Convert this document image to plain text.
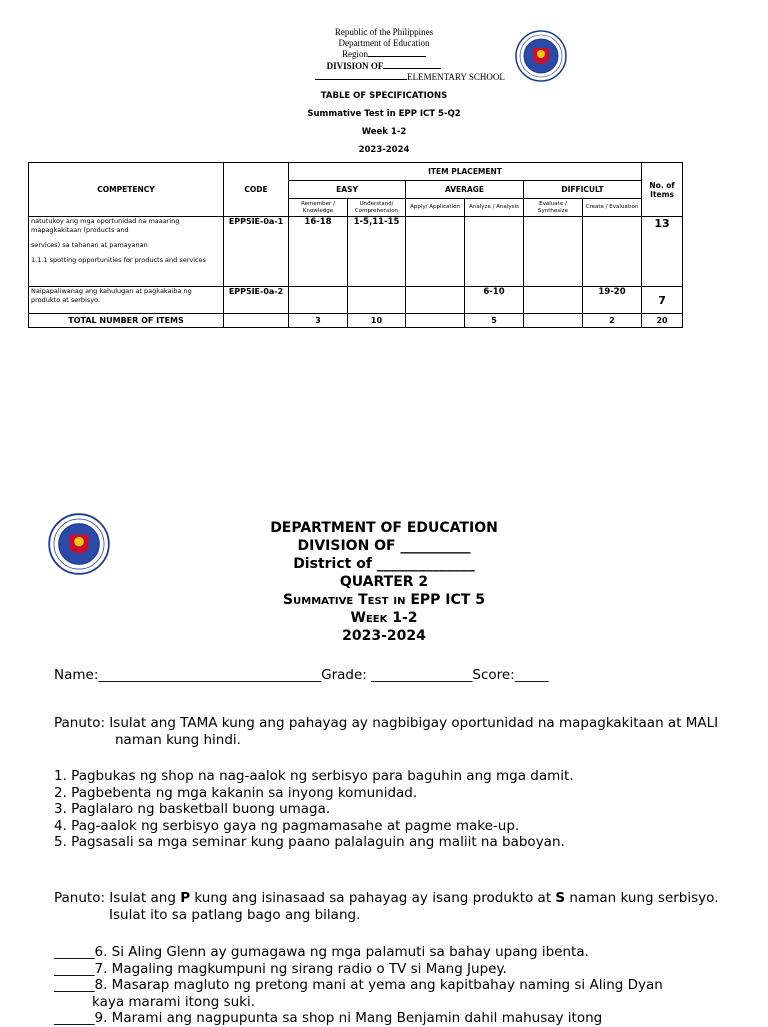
Republic of the Philippines
Department of Education
Region
DIVISION OF
ELEMENTARY SCHOOL
TABLE OF SPECIFICATIONS
Summative Test in EPP ICT 5-Q2
Week 1-2
2023-2024
COMPETENCY	CODE	ITEM PLACEMENT						No. of Items
		EASY		AVERAGE		DIFFICULT		
		Remember / Knowledge	Understand/ Comprehension	Apply/ Application	Analyze / Analysis	Evaluate / Synthesize	Create / Evaluation	

natutukoy ang mga oportunidad na maaaring mapagkakitaan (products and
services) sa tahanan at pamayanan
1.1.1 spotting opportunities for products and services	EPP5IE-0a-1	16-18	1-5,11-15					13
Naipapaliwanag ang kahulugan at pagkakaiba ng produkto at serbisyo.	EPP5IE-0a-2				6-10		19-20	7
TOTAL NUMBER OF ITEMS		3	10		5		2	20
DEPARTMENT OF EDUCATION
DIVISION OF __________
District of ______________
QUARTER 2
Summative Test in EPP ICT 5
Week 1-2
2023-2024
Name:_________________________________Grade: _______________Score:_____
Panuto: Isulat ang TAMA kung ang pahayag ay nagbibigay oportunidad na mapagkakitaan at MALI
naman kung hindi.
1. Pagbukas ng shop na nag-aalok ng serbisyo para baguhin ang mga damit.
2. Pagbebenta ng mga kakanin sa inyong komunidad.
3. Paglalaro ng basketball buong umaga.
4. Pag-aalok ng serbisyo gaya ng pagmamasahe at pagme make-up.
5. Pagsasali sa mga seminar kung paano palalaguin ang maliit na baboyan.
Panuto: Isulat ang P kung ang isinasaad sa pahayag ay isang produkto at S naman kung serbisyo.
Isulat ito sa patlang bago ang bilang.
______6. Si Aling Glenn ay gumagawa ng mga palamuti sa bahay upang ibenta.
______7. Magaling magkumpuni ng sirang radio o TV si Mang Jupey.
______8. Masarap magluto ng pretong mani at yema ang kapitbahay naming si Aling Dyan
kaya marami itong suki.
______9. Marami ang nagpupunta sa shop ni Mang Benjamin dahil mahusay itong
